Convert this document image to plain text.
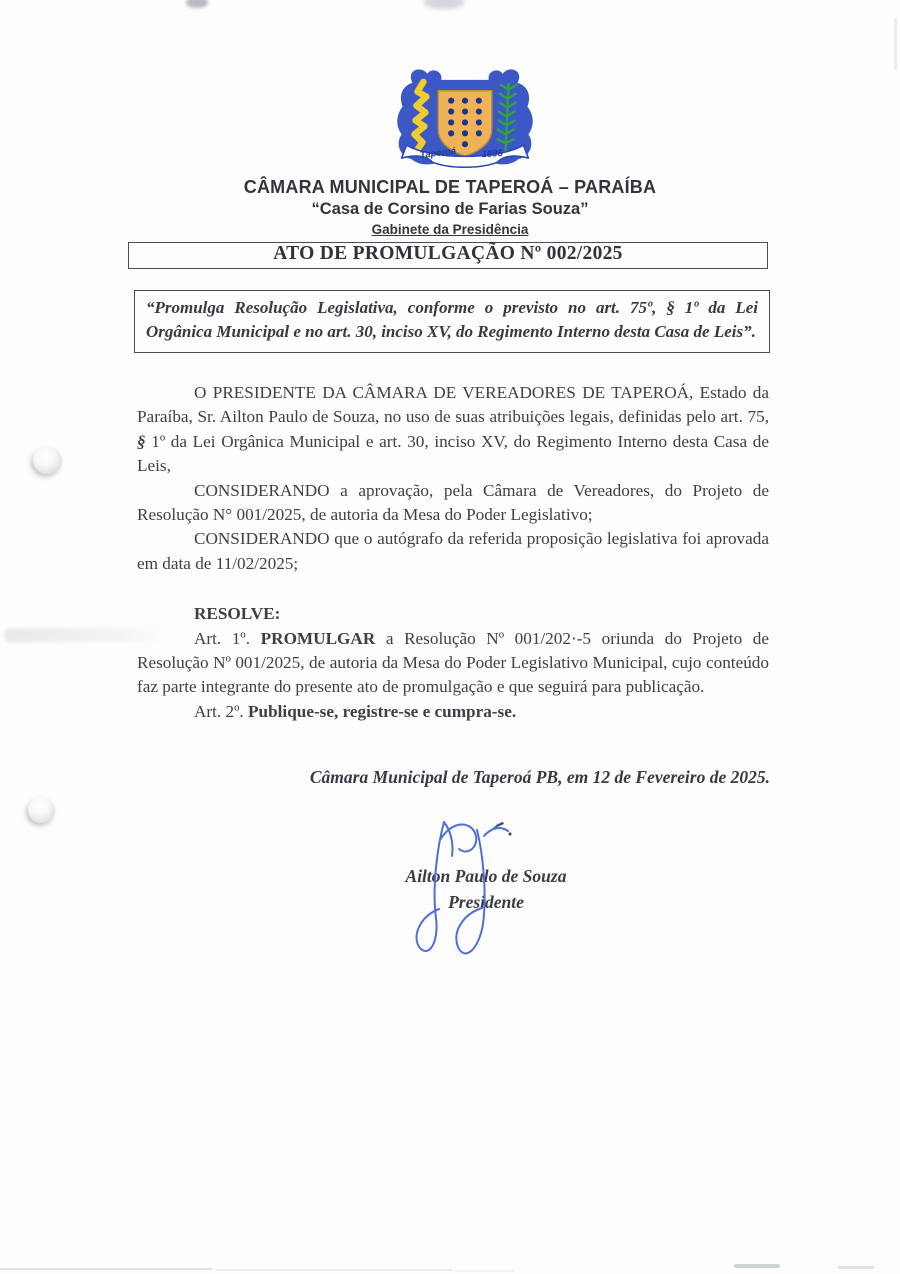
Taperoá	1886
CÂMARA MUNICIPAL DE TAPEROÁ – PARAÍBA
“Casa de Corsino de Farias Souza”
Gabinete da Presidência
ATO DE PROMULGAÇÃO Nº 002/2025
“Promulga Resolução Legislativa, conforme o previsto no art. 75º, § 1º da Lei Orgânica Municipal e no art. 30, inciso XV, do Regimento Interno desta Casa de Leis”.

O PRESIDENTE DA CÂMARA DE VEREADORES DE TAPEROÁ, Estado da Paraíba, Sr. Ailton Paulo de Souza, no uso de suas atribuições legais, definidas pelo art. 75, § 1º da Lei Orgânica Municipal e art. 30, inciso XV, do Regimento Interno desta Casa de Leis,

CONSIDERANDO a aprovação, pela Câmara de Vereadores, do Projeto de Resolução N° 001/2025, de autoria da Mesa do Poder Legislativo;

CONSIDERANDO que o autógrafo da referida proposição legislativa foi aprovada em data de 11/02/2025;

RESOLVE:

Art. 1º. PROMULGAR a Resolução Nº 001/202·-5 oriunda do Projeto de Resolução Nº 001/2025, de autoria da Mesa do Poder Legislativo Municipal, cujo conteúdo faz parte integrante do presente ato de promulgação e que seguirá para publicação.

Art. 2º. Publique-se, registre-se e cumpra-se.

Câmara Municipal de Taperoá PB, em 12 de Fevereiro de 2025.
Ailton Paulo de Souza
Presidente
